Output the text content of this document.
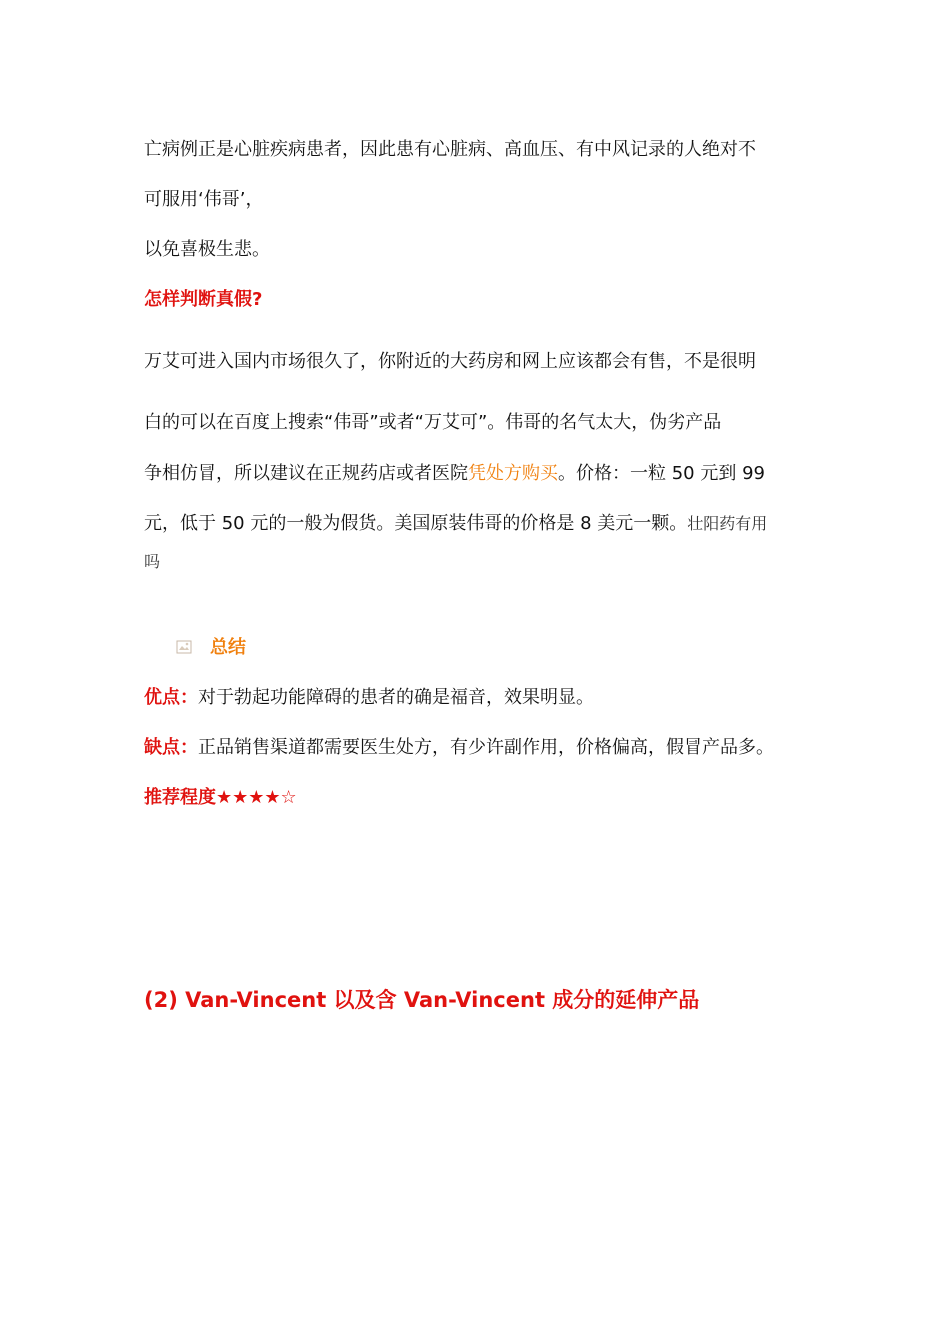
亡病例正是心脏疾病患者，因此患有心脏病、高血压、有中风记录的人绝对不
可服用‘伟哥’，
以免喜极生悲。
怎样判断真假?
万艾可进入国内市场很久了，你附近的大药房和网上应该都会有售，不是很明
白的可以在百度上搜索“伟哥”或者“万艾可”。伟哥的名气太大，伪劣产品
争相仿冒，所以建议在正规药店或者医院凭处方购买。价格：一粒 50 元到 99
元，低于 50 元的一般为假货。美国原装伟哥的价格是 8 美元一颗。壮阳药有用
吗
总结
优点：对于勃起功能障碍的患者的确是福音，效果明显。
缺点：正品销售渠道都需要医生处方，有少许副作用，价格偏高，假冒产品多。
推荐程度★★★★☆
(2) Van-Vincent 以及含 Van-Vincent 成分的延伸产品
